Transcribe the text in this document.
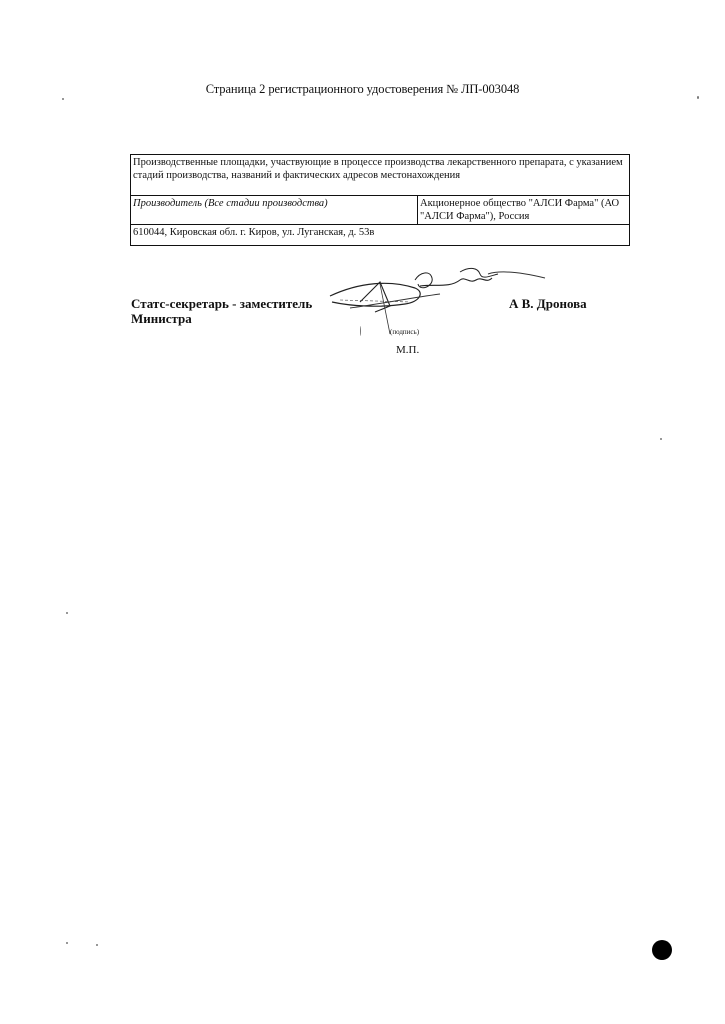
Страница 2 регистрационного удостоверения № ЛП-003048
Производственные площадки, участвующие в процессе производства лекарственного препарата, с указанием стадий производства, названий и фактических адресов местонахождения
Производитель (Все стадии производства)	Акционерное общество "АЛСИ Фарма" (АО "АЛСИ Фарма"), Россия
610044, Кировская обл. г. Киров, ул. Луганская, д. 53в
Статс-секретарь - заместитель
Министра
А В. Дронова
(подпись)
М.П.
